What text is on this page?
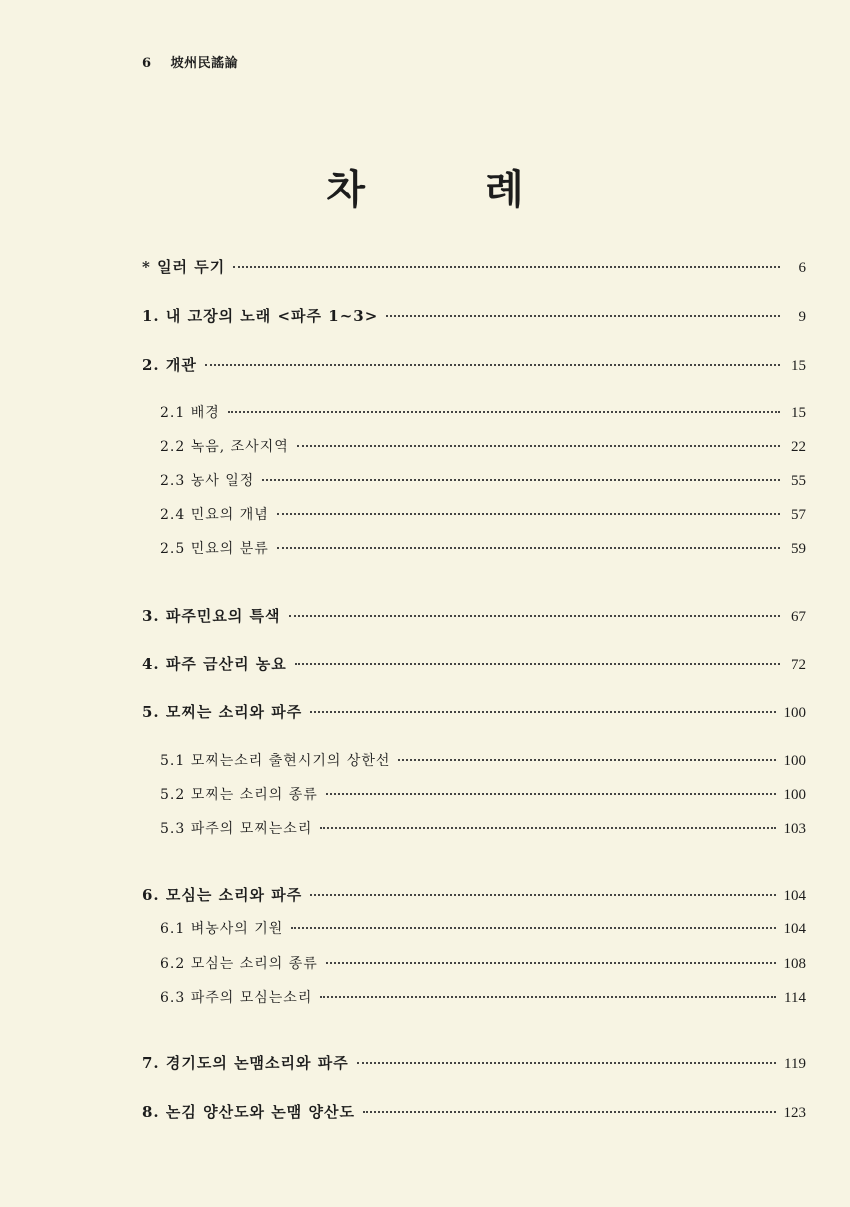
6 坡州民謠論
차	례
* 일러 두기	6
1. 내 고장의 노래 <파주 1~3>	9
2. 개관	15
2.1 배경	15
2.2 녹음, 조사지역	22
2.3 농사 일정	55
2.4 민요의 개념	57
2.5 민요의 분류	59
3. 파주민요의 특색	67
4. 파주 금산리 농요	72
5. 모찌는 소리와 파주	100
5.1 모찌는소리 출현시기의 상한선	100
5.2 모찌는 소리의 종류	100
5.3 파주의 모찌는소리	103
6. 모심는 소리와 파주	104
6.1 벼농사의 기원	104
6.2 모심는 소리의 종류	108
6.3 파주의 모심는소리	114
7. 경기도의 논맴소리와 파주	119
8. 논김 양산도와 논맴 양산도	123
